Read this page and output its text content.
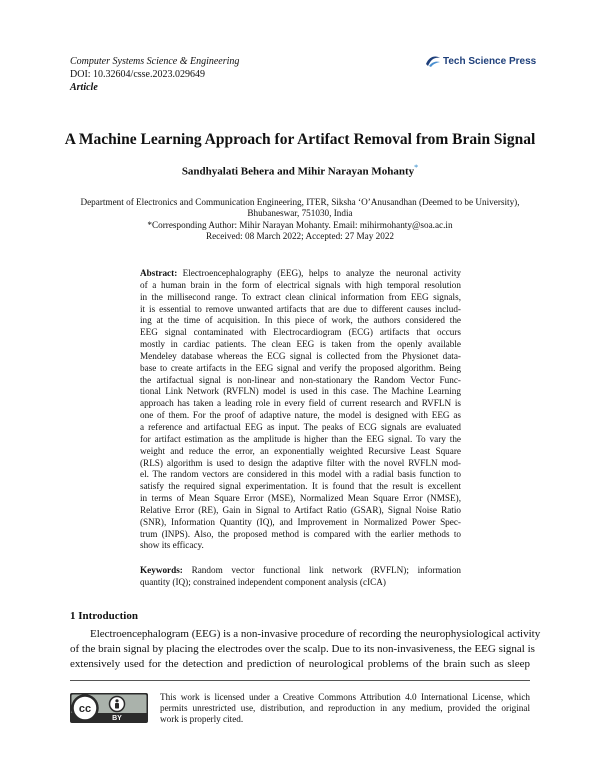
Computer Systems Science & Engineering
DOI: 10.32604/csse.2023.029649
Article
Tech Science Press
A Machine Learning Approach for Artifact Removal from Brain Signal
Sandhyalati Behera and Mihir Narayan Mohanty*
Department of Electronics and Communication Engineering, ITER, Siksha ‘O’Anusandhan (Deemed to be University),
Bhubaneswar, 751030, India
*Corresponding Author: Mihir Narayan Mohanty. Email: mihirmohanty@soa.ac.in
Received: 08 March 2022; Accepted: 27 May 2022
Abstract: Electroencephalography (EEG), helps to analyze the neuronal activity
of a human brain in the form of electrical signals with high temporal resolution
in the millisecond range. To extract clean clinical information from EEG signals,
it is essential to remove unwanted artifacts that are due to different causes includ-
ing at the time of acquisition. In this piece of work, the authors considered the
EEG signal contaminated with Electrocardiogram (ECG) artifacts that occurs
mostly in cardiac patients. The clean EEG is taken from the openly available
Mendeley database whereas the ECG signal is collected from the Physionet data-
base to create artifacts in the EEG signal and verify the proposed algorithm. Being
the artifactual signal is non-linear and non-stationary the Random Vector Func-
tional Link Network (RVFLN) model is used in this case. The Machine Learning
approach has taken a leading role in every field of current research and RVFLN is
one of them. For the proof of adaptive nature, the model is designed with EEG as
a reference and artifactual EEG as input. The peaks of ECG signals are evaluated
for artifact estimation as the amplitude is higher than the EEG signal. To vary the
weight and reduce the error, an exponentially weighted Recursive Least Square
(RLS) algorithm is used to design the adaptive filter with the novel RVFLN mod-
el. The random vectors are considered in this model with a radial basis function to
satisfy the required signal experimentation. It is found that the result is excellent
in terms of Mean Square Error (MSE), Normalized Mean Square Error (NMSE),
Relative Error (RE), Gain in Signal to Artifact Ratio (GSAR), Signal Noise Ratio
(SNR), Information Quantity (IQ), and Improvement in Normalized Power Spec-
trum (INPS). Also, the proposed method is compared with the earlier methods to
show its efficacy.
Keywords: Random vector functional link network (RVFLN); information
quantity (IQ); constrained independent component analysis (cICA)
1 Introduction
Electroencephalogram (EEG) is a non-invasive procedure of recording the neurophysiological activity
of the brain signal by placing the electrodes over the scalp. Due to its non-invasiveness, the EEG signal is
extensively used for the detection and prediction of neurological problems of the brain such as sleep
cc
BY
This work is licensed under a Creative Commons Attribution 4.0 International License, which
permits unrestricted use, distribution, and reproduction in any medium, provided the original
work is properly cited.
